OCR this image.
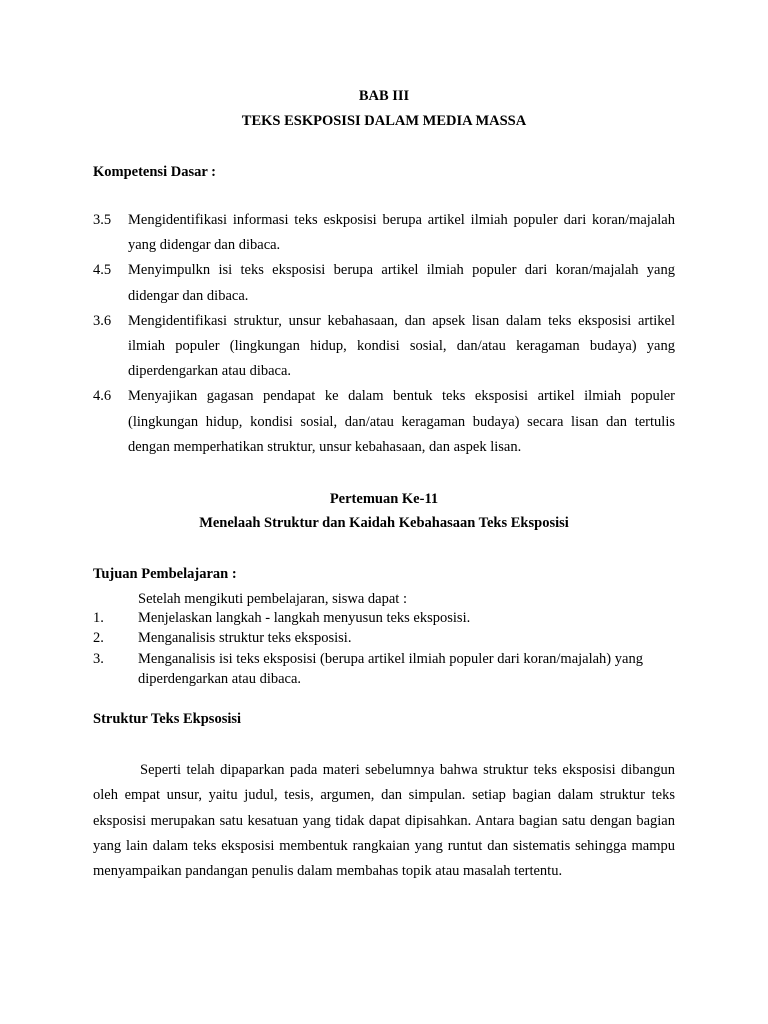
BAB III
TEKS ESKPOSISI DALAM MEDIA MASSA
Kompetensi Dasar :
3.5 Mengidentifikasi informasi teks eskposisi berupa artikel ilmiah populer dari koran/majalah yang didengar dan dibaca.
4.5 Menyimpulkn isi teks eksposisi berupa artikel ilmiah populer dari koran/majalah yang didengar dan dibaca.
3.6 Mengidentifikasi struktur, unsur kebahasaan, dan apsek lisan dalam teks eksposisi artikel ilmiah populer (lingkungan hidup, kondisi sosial, dan/atau keragaman budaya) yang diperdengarkan atau dibaca.
4.6 Menyajikan gagasan pendapat ke dalam bentuk teks eksposisi artikel ilmiah populer (lingkungan hidup, kondisi sosial, dan/atau keragaman budaya) secara lisan dan tertulis dengan memperhatikan struktur, unsur kebahasaan, dan aspek lisan.
Pertemuan Ke-11
Menelaah Struktur dan Kaidah Kebahasaan Teks Eksposisi
Tujuan Pembelajaran :
Setelah mengikuti pembelajaran, siswa dapat :
1. Menjelaskan langkah - langkah menyusun teks eksposisi.
2. Menganalisis struktur teks eksposisi.
3. Menganalisis isi teks eksposisi (berupa artikel ilmiah populer dari koran/majalah) yang diperdengarkan atau dibaca.
Struktur Teks Ekpsosisi

Seperti telah dipaparkan pada materi sebelumnya bahwa struktur teks eksposisi dibangun oleh empat unsur, yaitu judul, tesis, argumen, dan simpulan. setiap bagian dalam struktur teks eksposisi merupakan satu kesatuan yang tidak dapat dipisahkan. Antara bagian satu dengan bagian yang lain dalam teks eksposisi membentuk rangkaian yang runtut dan sistematis sehingga mampu menyampaikan pandangan penulis dalam membahas topik atau masalah tertentu.
